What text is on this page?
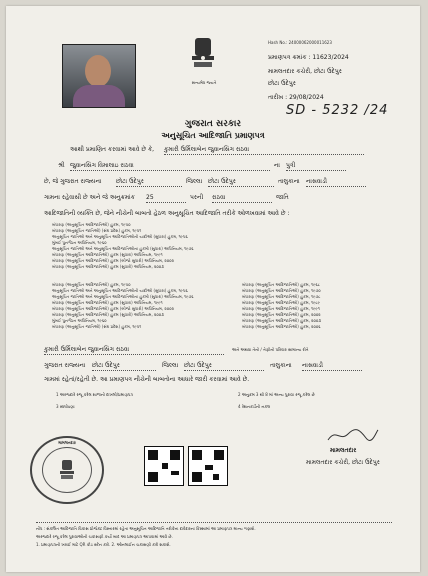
સત્યમેવ જયતે
Hash No.: 24000062000011623
પ્રમાણપત્ર ક્રમાંક : 11623/2024
મામલતદાર કચેરી, છોટા ઉદેપુર
છોટા ઉદેપુર
તારીખ : 29/08/2024
SD - 5232 /24
ગુજરાત સરકાર
અનુસૂચિત આદિજાતિ પ્રમાણપત્ર
આથી પ્રમાણિત કરવામાં આવે છે કે, કુમારી ઉર્મિલાબેન જુવાનસિંગ રાઠવા
શ્રી જુવાનસિંગ વિમાલાઇ રાઠવા	ના પુત્રી
છે, જે ગુજરાત રાજ્યના છોટા ઉદેપુર	જિલ્લા છોટા ઉદેપુર	તાલુકાના નાસવાડી
ગામના રહેવાસી છે અને જે અનુક્રમાંક 25	પરની રાઠવા	જાતિ
આદિજાતિની વ્યક્તિ છે, જેને નીચેની બાબતો હેઠળ અનુસૂચિત આદિજાતિ તરીકે ઓળખવામાં આવે છે :
બંધારણ (અનુસૂચિત આદિજાતિઓ) હુકમ, ૧૯૫૦
બંધારણ (અનુસૂચિત જાતિઓ) (સંઘ પ્રદેશ) હુકમ, ૧૯૫૧
અનુસૂચિત જાતિઓ અને અનુસૂચિત આદિજાતિઓની યાદીઓ (સુધારા) હુકમ, ૧૯૫૬
મુંબઈ પુનર્ગઠન અધિનિયમ, ૧૯૬૦
અનુસૂચિત જાતિઓ અને અનુસૂચિત આદિજાતિઓના હુકમો (સુધારા) અધિનિયમ, ૧૯૭૬
બંધારણ (અનુસૂચિત આદિજાતિઓ) હુકમ (સુધારા) અધિનિયમ, ૧૯૯૧
બંધારણ (અનુસૂચિત આદિજાતિઓ) હુકમ (બીજો સુધારો) અધિનિયમ, ૨૦૦૨
બંધારણ (અનુસૂચિત આદિજાતિઓ) હુકમ (સુધારો) અધિનિયમ, ૨૦૦૩
બંધારણ (અનુસૂચિત આદિજાતિઓ) હુકમ, ૧૯૫૦
અનુસૂચિત જાતિઓ અને અનુસૂચિત આદિજાતિઓની યાદીઓ (સુધારા) હુકમ, ૧૯૫૬
અનુસૂચિત જાતિઓ અને અનુસૂચિત આદિજાતિઓના હુકમો (સુધારા) અધિનિયમ, ૧૯૭૬
બંધારણ (અનુસૂચિત આદિજાતિઓ) હુકમ (સુધારા) અધિનિયમ, ૧૯૯૧
બંધારણ (અનુસૂચિત આદિજાતિઓ) હુકમ (બીજો સુધારો) અધિનિયમ, ૨૦૦૨
બંધારણ (અનુસૂચિત આદિજાતિઓ) હુકમ (સુધારો) અધિનિયમ, ૨૦૦૩
મુંબઈ પુનર્ગઠન અધિનિયમ, ૧૯૬૦
બંધારણ (અનુસૂચિત જાતિઓ) (સંઘ પ્રદેશ) હુકમ, ૧૯૫૧
બંધારણ (અનુસૂચિત આદિજાતિઓ) હુકમ, ૧૯૬૮
બંધારણ (અનુસૂચિત આદિજાતિઓ) હુકમ, ૧૯૭૦
બંધારણ (અનુસૂચિત આદિજાતિઓ) હુકમ, ૧૯૭૮
બંધારણ (અનુસૂચિત આદિજાતિઓ) હુકમ, ૧૯૮૯
બંધારણ (અનુસૂચિત આદિજાતિઓ) હુકમ, ૧૯૯૧
બંધારણ (અનુસૂચિત આદિજાતિઓ) હુકમ, ૨૦૦૨
બંધારણ (અનુસૂચિત આદિજાતિઓ) હુકમ, ૨૦૦૩
બંધારણ (અનુસૂચિત આદિજાતિઓ) હુકમ, ૨૦૦૬
કુમારી ઉર્મિલાબેન જુવાનસિંગ રાઠવા	અને અથવા તેનો / તેણીનો પરિવાર સામાન્ય રીતે
ગુજરાત રાજ્યના છોટા ઉદેપુર	જિલ્લા છોટા ઉદેપુર	તાલુકાના નાસવાડી
ગામમાં રહેતાં/રહેતી છે. આ પ્રમાણપત્ર નીચેની બાબતોના આધારે જારી કરવામાં આવે છે.
1 અરજદારે રજૂ કરેલ શાળાનો દાખલો/પ્રમાણપત્ર	2 અનુક્રમ 3 થી 8 માં અન્ય પુરાવા રજૂ કરેલ છે
3 સ્વઘોષણા	4 રેશનકાર્ડની નકલ
મામલતદાર
મામલતદાર
મામલતદાર કચેરી, છોટા ઉદેપુર
નોંધ : સંકલિત આદિજાતિ વિકાસ પ્રોજેક્ટ વિસ્તારમાં રહેતા અનુસૂચિત આદિજાતિ તરીકેના દાવેદારના કિસ્સામાં આ પ્રમાણપત્ર માન્ય ગણાશે.
અરજદારે રજૂ કરેલ પુરાવાઓની ચકાસણી કર્યા બાદ આ પ્રમાણપત્ર આપવામાં આવે છે.
1. પ્રમાણપત્રની ખરાઈ માટે QR કોડ સ્કેન કરો. 2. ઓનલાઈન ચકાસણી કરી શકાશે.
